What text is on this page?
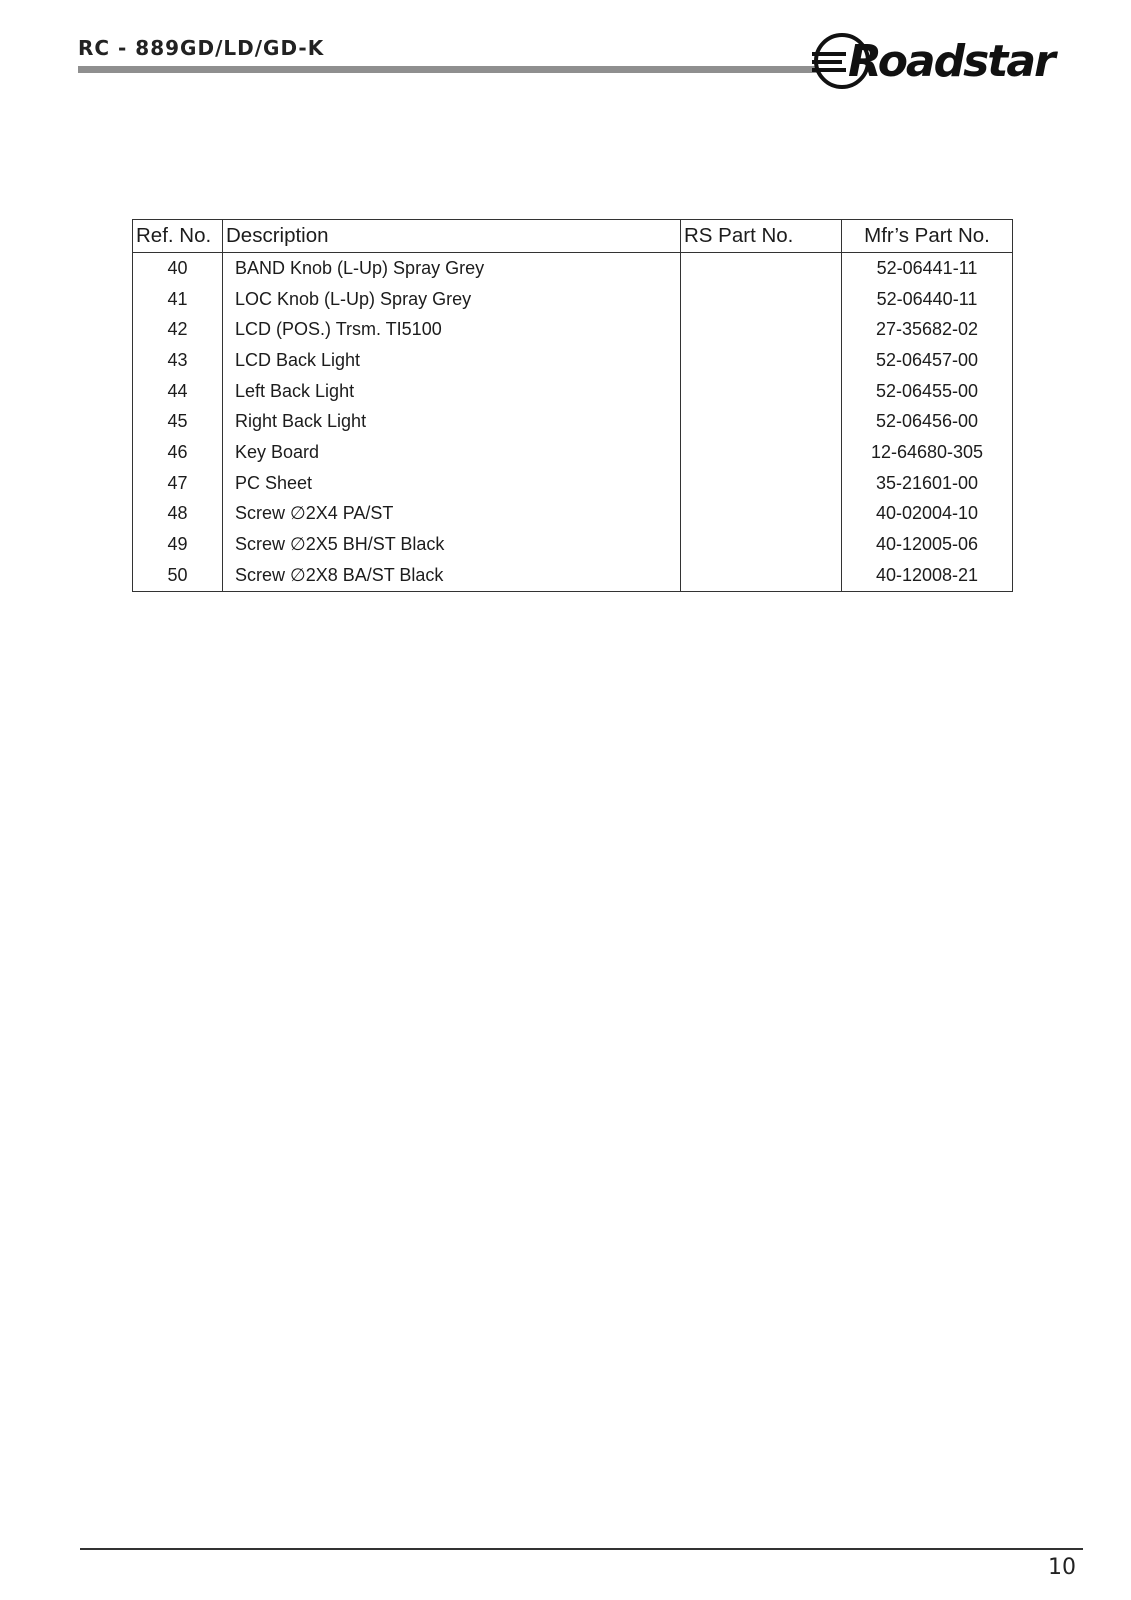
RC - 889GD/LD/GD-K	Roadstar
Ref. No.	Description	RS Part No.	Mfr’s Part No.
40	BAND Knob (L-Up) Spray Grey		52-06441-11
41	LOC Knob (L-Up) Spray Grey		52-06440-11
42	LCD (POS.) Trsm. TI5100		27-35682-02
43	LCD Back Light		52-06457-00
44	Left Back Light		52-06455-00
45	Right Back Light		52-06456-00
46	Key Board		12-64680-305
47	PC Sheet		35-21601-00
48	Screw ∅2X4 PA/ST		40-02004-10
49	Screw ∅2X5 BH/ST Black		40-12005-06
50	Screw ∅2X8 BA/ST Black		40-12008-21
10
